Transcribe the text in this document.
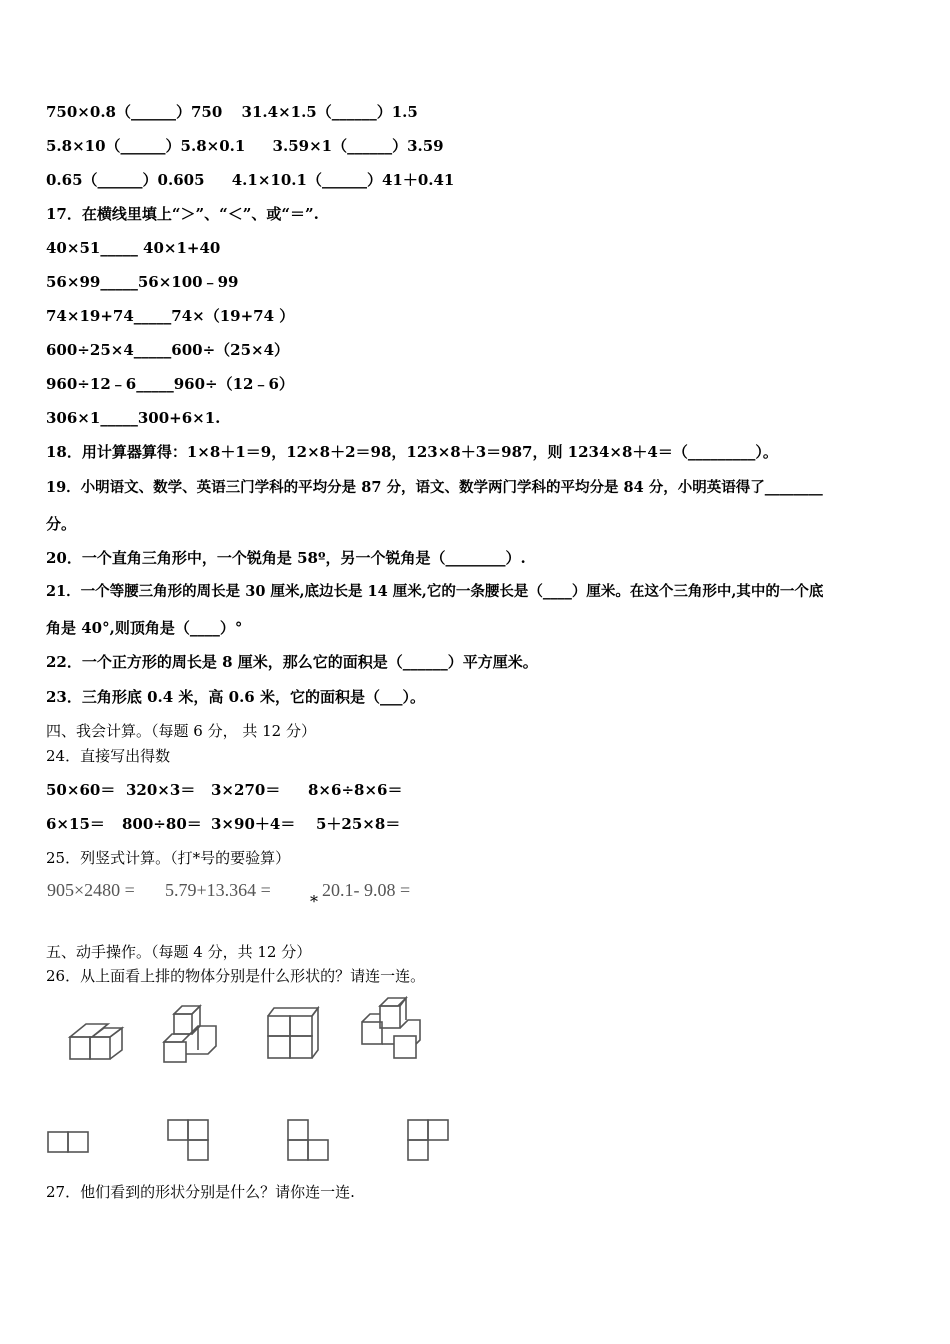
750×0.8（______）750 31.4×1.5（______）1.5
5.8×10（______）5.8×0.1 3.59×1（______）3.59
0.65（______）0.605 4.1×10.1（______）41＋0.41
17．在横线里填上“＞”、“＜”、或“＝”.
40×51_____ 40×1+40
56×99_____56×100﹣99
74×19+74_____74×（19+74 ）
600÷25×4_____600÷（25×4）
960÷12﹣6_____960÷（12﹣6）
306×1_____300+6×1.
18．用计算器算得：1×8＋1＝9，12×8＋2＝98，123×8＋3＝987，则 1234×8＋4＝（_________）。
19．小明语文、数学、英语三门学科的平均分是 87 分，语文、数学两门学科的平均分是 84 分，小明英语得了________
分。
20．一个直角三角形中，一个锐角是 58º，另一个锐角是（________）.
21．一个等腰三角形的周长是 30 厘米,底边长是 14 厘米,它的一条腰长是（____）厘米。在这个三角形中,其中的一个底
角是 40°,则顶角是（____）°
22．一个正方形的周长是 8 厘米，那么它的面积是（______）平方厘米。
23．三角形底 0.4 米，高 0.6 米，它的面积是（___）。
四、我会计算。（每题 6 分， 共 12 分）
24．直接写出得数
50×60＝ 320×3＝ 3×270＝ 8×6÷8×6＝
6×15＝ 800÷80＝ 3×90＋4＝ 5＋25×8＝
25．列竖式计算。（打*号的要验算）
905×2480 = 5.79+13.364 =
*
20.1- 9.08 =
五、动手操作。（每题 4 分，共 12 分）
26．从上面看上排的物体分别是什么形状的？请连一连。
27．他们看到的形状分别是什么？请你连一连.
